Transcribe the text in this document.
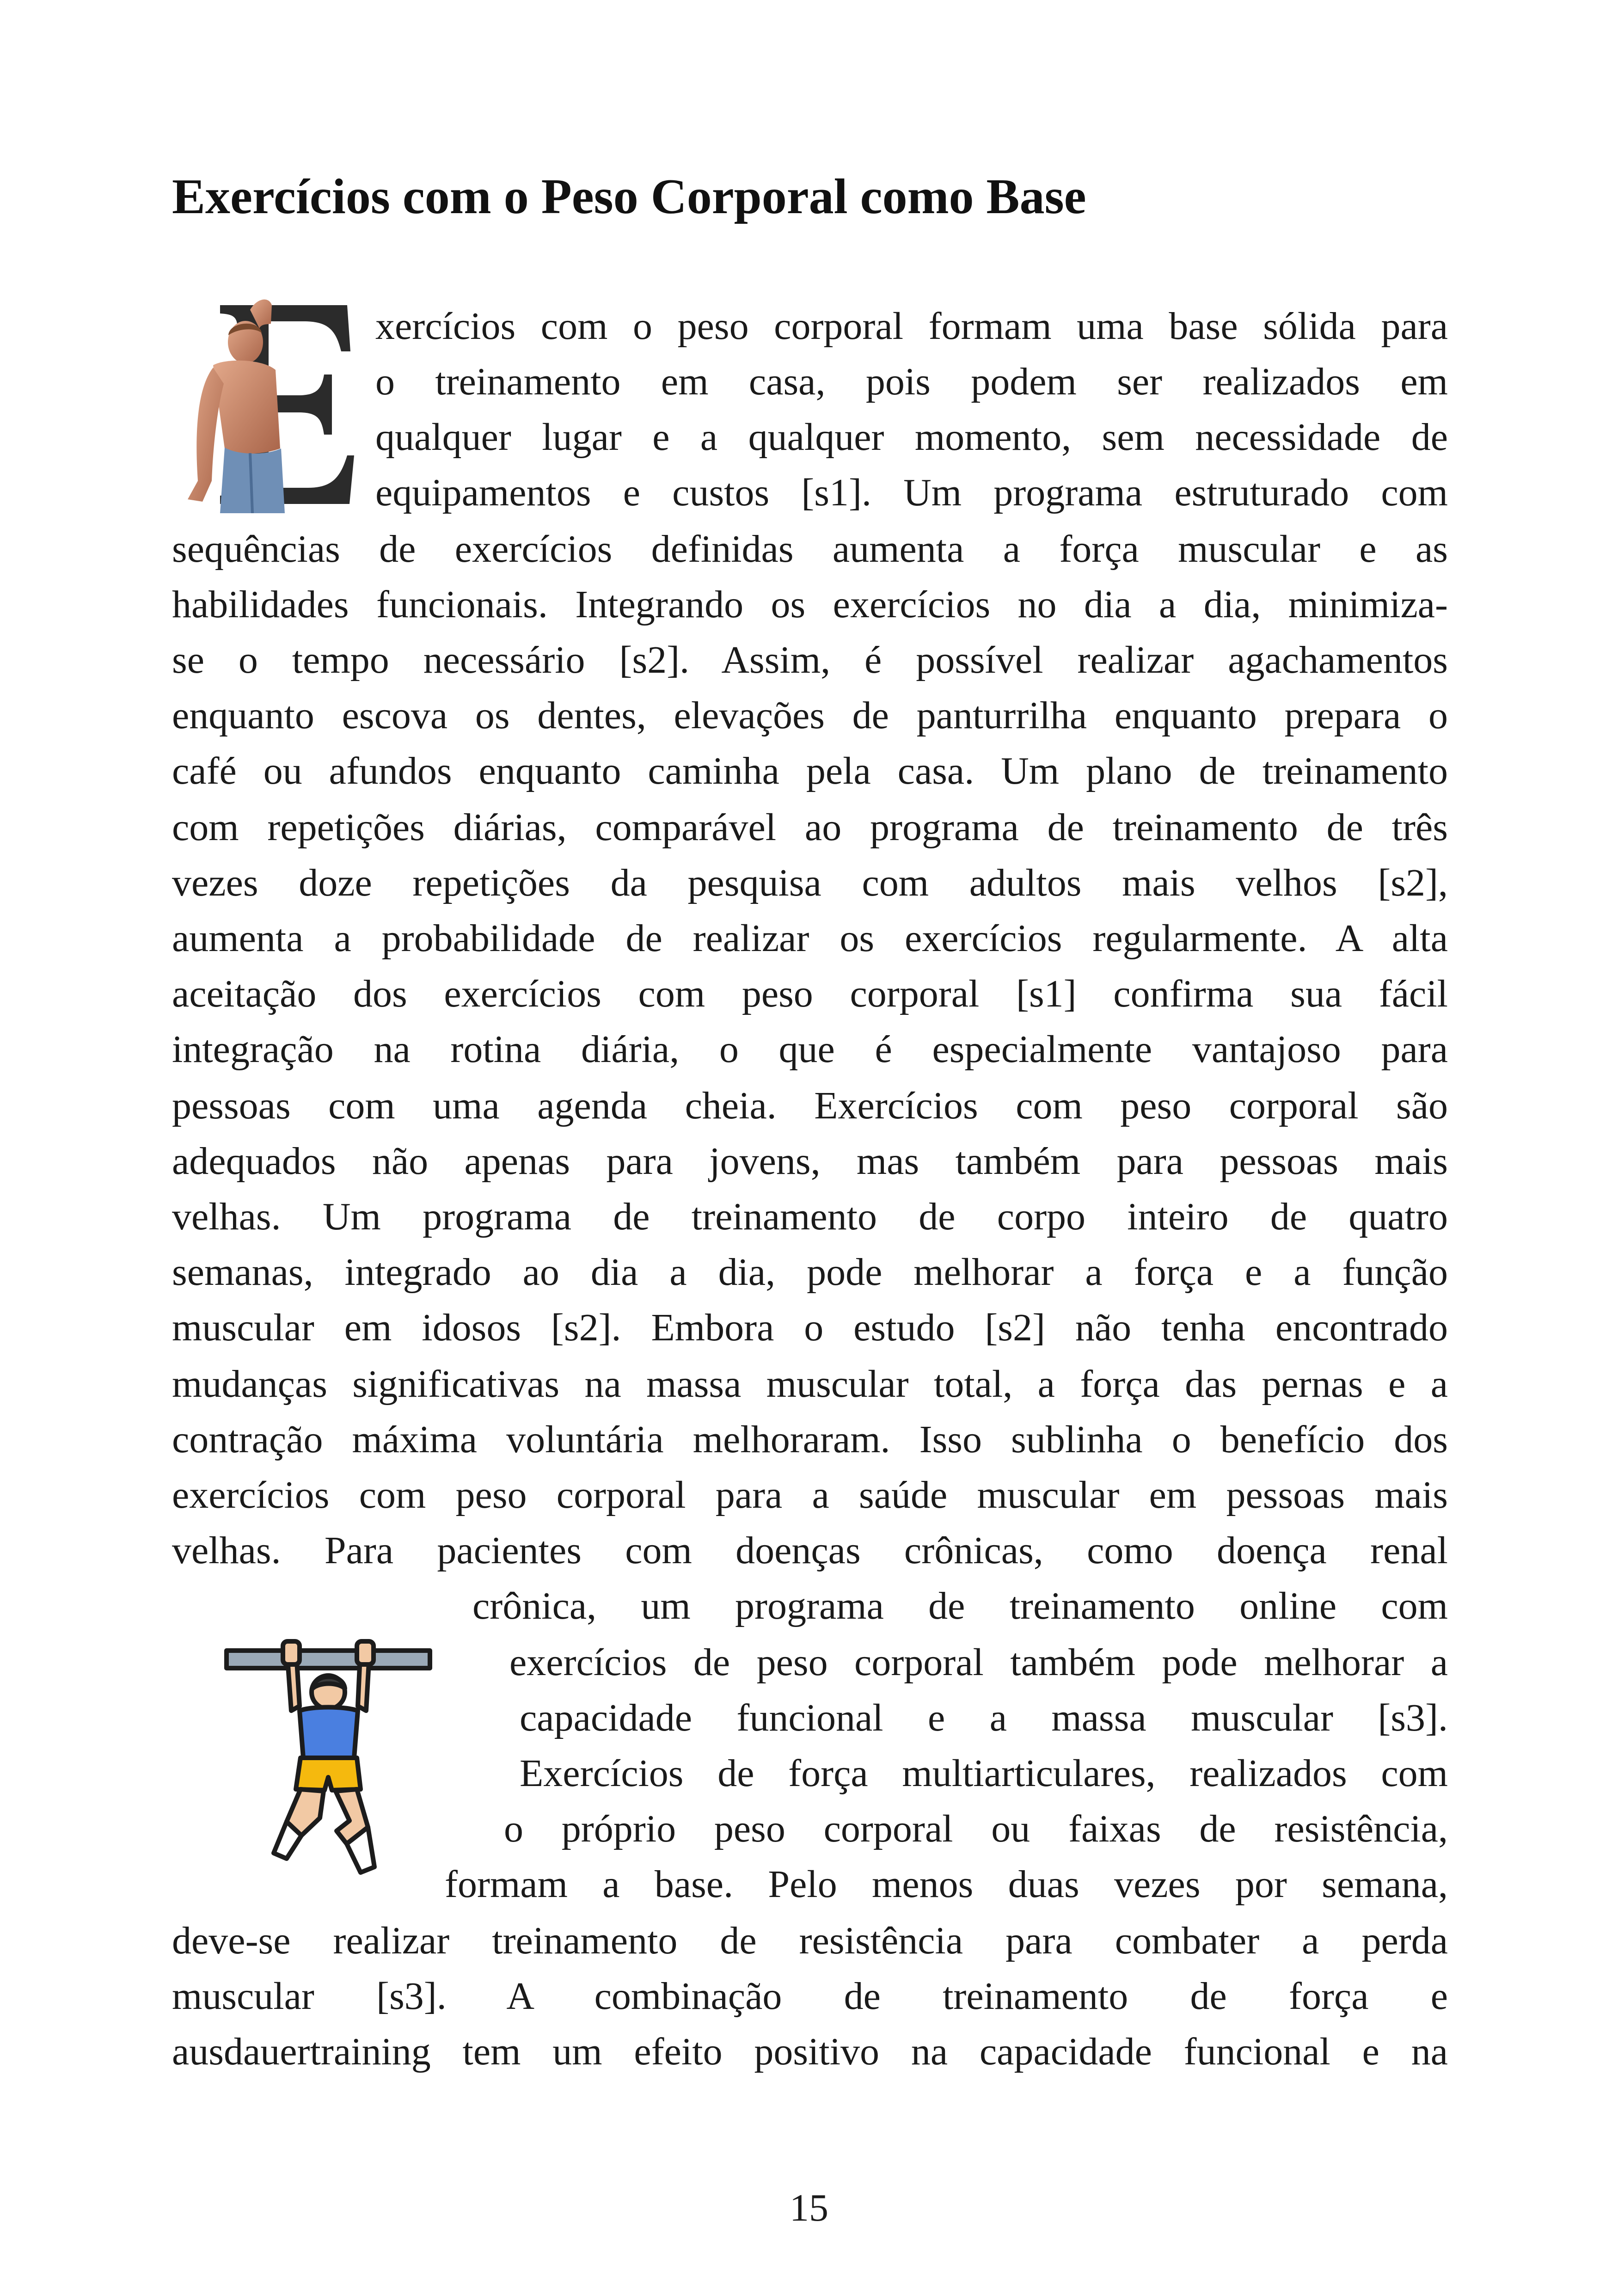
Exercícios com o Peso Corporal como Base

xercícios com o peso corporal formam uma base sólida para

o treinamento em casa, pois podem ser realizados em

qualquer lugar e a qualquer momento, sem necessidade de

equipamentos e custos [s1]. Um programa estruturado com

sequências de exercícios definidas aumenta a força muscular e as

habilidades funcionais. Integrando os exercícios no dia a dia, minimiza-

se o tempo necessário [s2]. Assim, é possível realizar agachamentos

enquanto escova os dentes, elevações de panturrilha enquanto prepara o

café ou afundos enquanto caminha pela casa. Um plano de treinamento

com repetições diárias, comparável ao programa de treinamento de três

vezes doze repetições da pesquisa com adultos mais velhos [s2],

aumenta a probabilidade de realizar os exercícios regularmente. A alta

aceitação dos exercícios com peso corporal [s1] confirma sua fácil

integração na rotina diária, o que é especialmente vantajoso para

pessoas com uma agenda cheia. Exercícios com peso corporal são

adequados não apenas para jovens, mas também para pessoas mais

velhas. Um programa de treinamento de corpo inteiro de quatro

semanas, integrado ao dia a dia, pode melhorar a força e a função

muscular em idosos [s2]. Embora o estudo [s2] não tenha encontrado

mudanças significativas na massa muscular total, a força das pernas e a

contração máxima voluntária melhoraram. Isso sublinha o benefício dos

exercícios com peso corporal para a saúde muscular em pessoas mais

velhas. Para pacientes com doenças crônicas, como doença renal

crônica, um programa de treinamento online com

exercícios de peso corporal também pode melhorar a

capacidade funcional e a massa muscular [s3].

Exercícios de força multiarticulares, realizados com

o próprio peso corporal ou faixas de resistência,

formam a base. Pelo menos duas vezes por semana,

deve-se realizar treinamento de resistência para combater a perda

muscular [s3]. A combinação de treinamento de força e

ausdauertraining tem um efeito positivo na capacidade funcional e na

15
